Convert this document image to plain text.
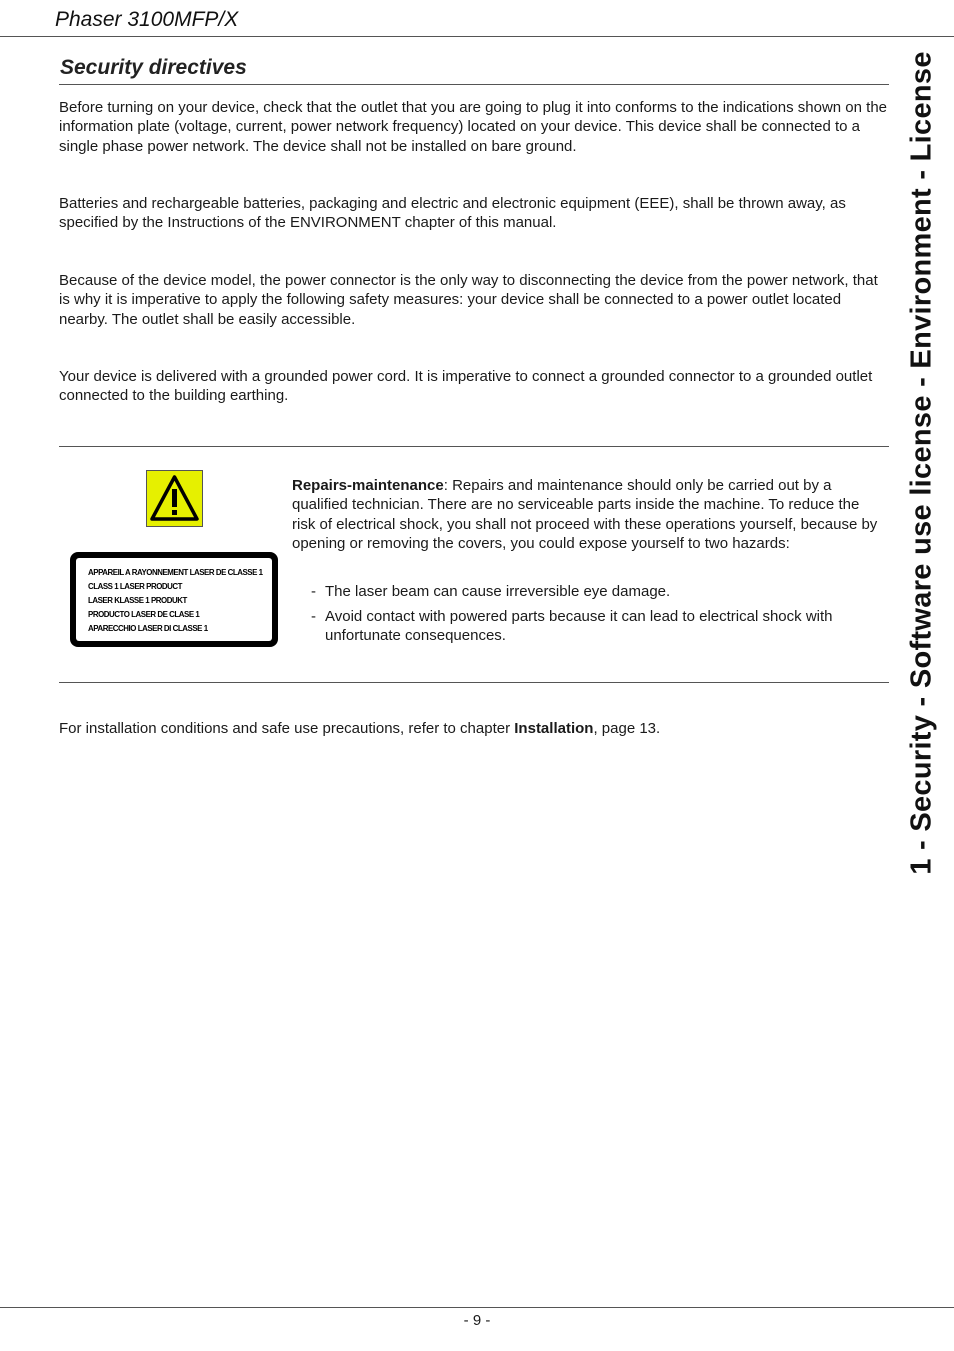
Phaser 3100MFP/X
Security directives	1 - Security - Software use license - Environment - License

Before turning on your device, check that the outlet that you are going to plug it into conforms to the indications shown on the information plate (voltage, current, power network frequency) located on your device. This device shall be connected to a single phase power network. The device shall not be installed on bare ground.

Batteries and rechargeable batteries, packaging and electric and electronic equipment (EEE), shall be thrown away, as specified by the Instructions of the ENVIRONMENT chapter of this manual.

Because of the device model, the power connector is the only way to disconnecting the device from the power network, that is why it is imperative to apply the following safety measures: your device shall be connected to a power outlet located nearby. The outlet shall be easily accessible.

Your device is delivered with a grounded power cord. It is imperative to connect a grounded connector to a grounded outlet connected to the building earthing.

APPAREIL A RAYONNEMENT LASER DE CLASSE 1
CLASS 1 LASER PRODUCT
LASER KLASSE 1 PRODUKT
PRODUCTO LASER DE CLASE 1
APARECCHIO LASER DI CLASSE 1
Repairs-maintenance: Repairs and maintenance should only be carried out by a qualified technician. There are no serviceable parts inside the machine. To reduce the risk of electrical shock, you shall not proceed with these operations yourself, because by opening or removing the covers, you could expose yourself to two hazards:
- The laser beam can cause irreversible eye damage.
- Avoid contact with powered parts because it can lead to electrical shock with unfortunate consequences.

For installation conditions and safe use precautions, refer to chapter Installation, page 13.

- 9 -
